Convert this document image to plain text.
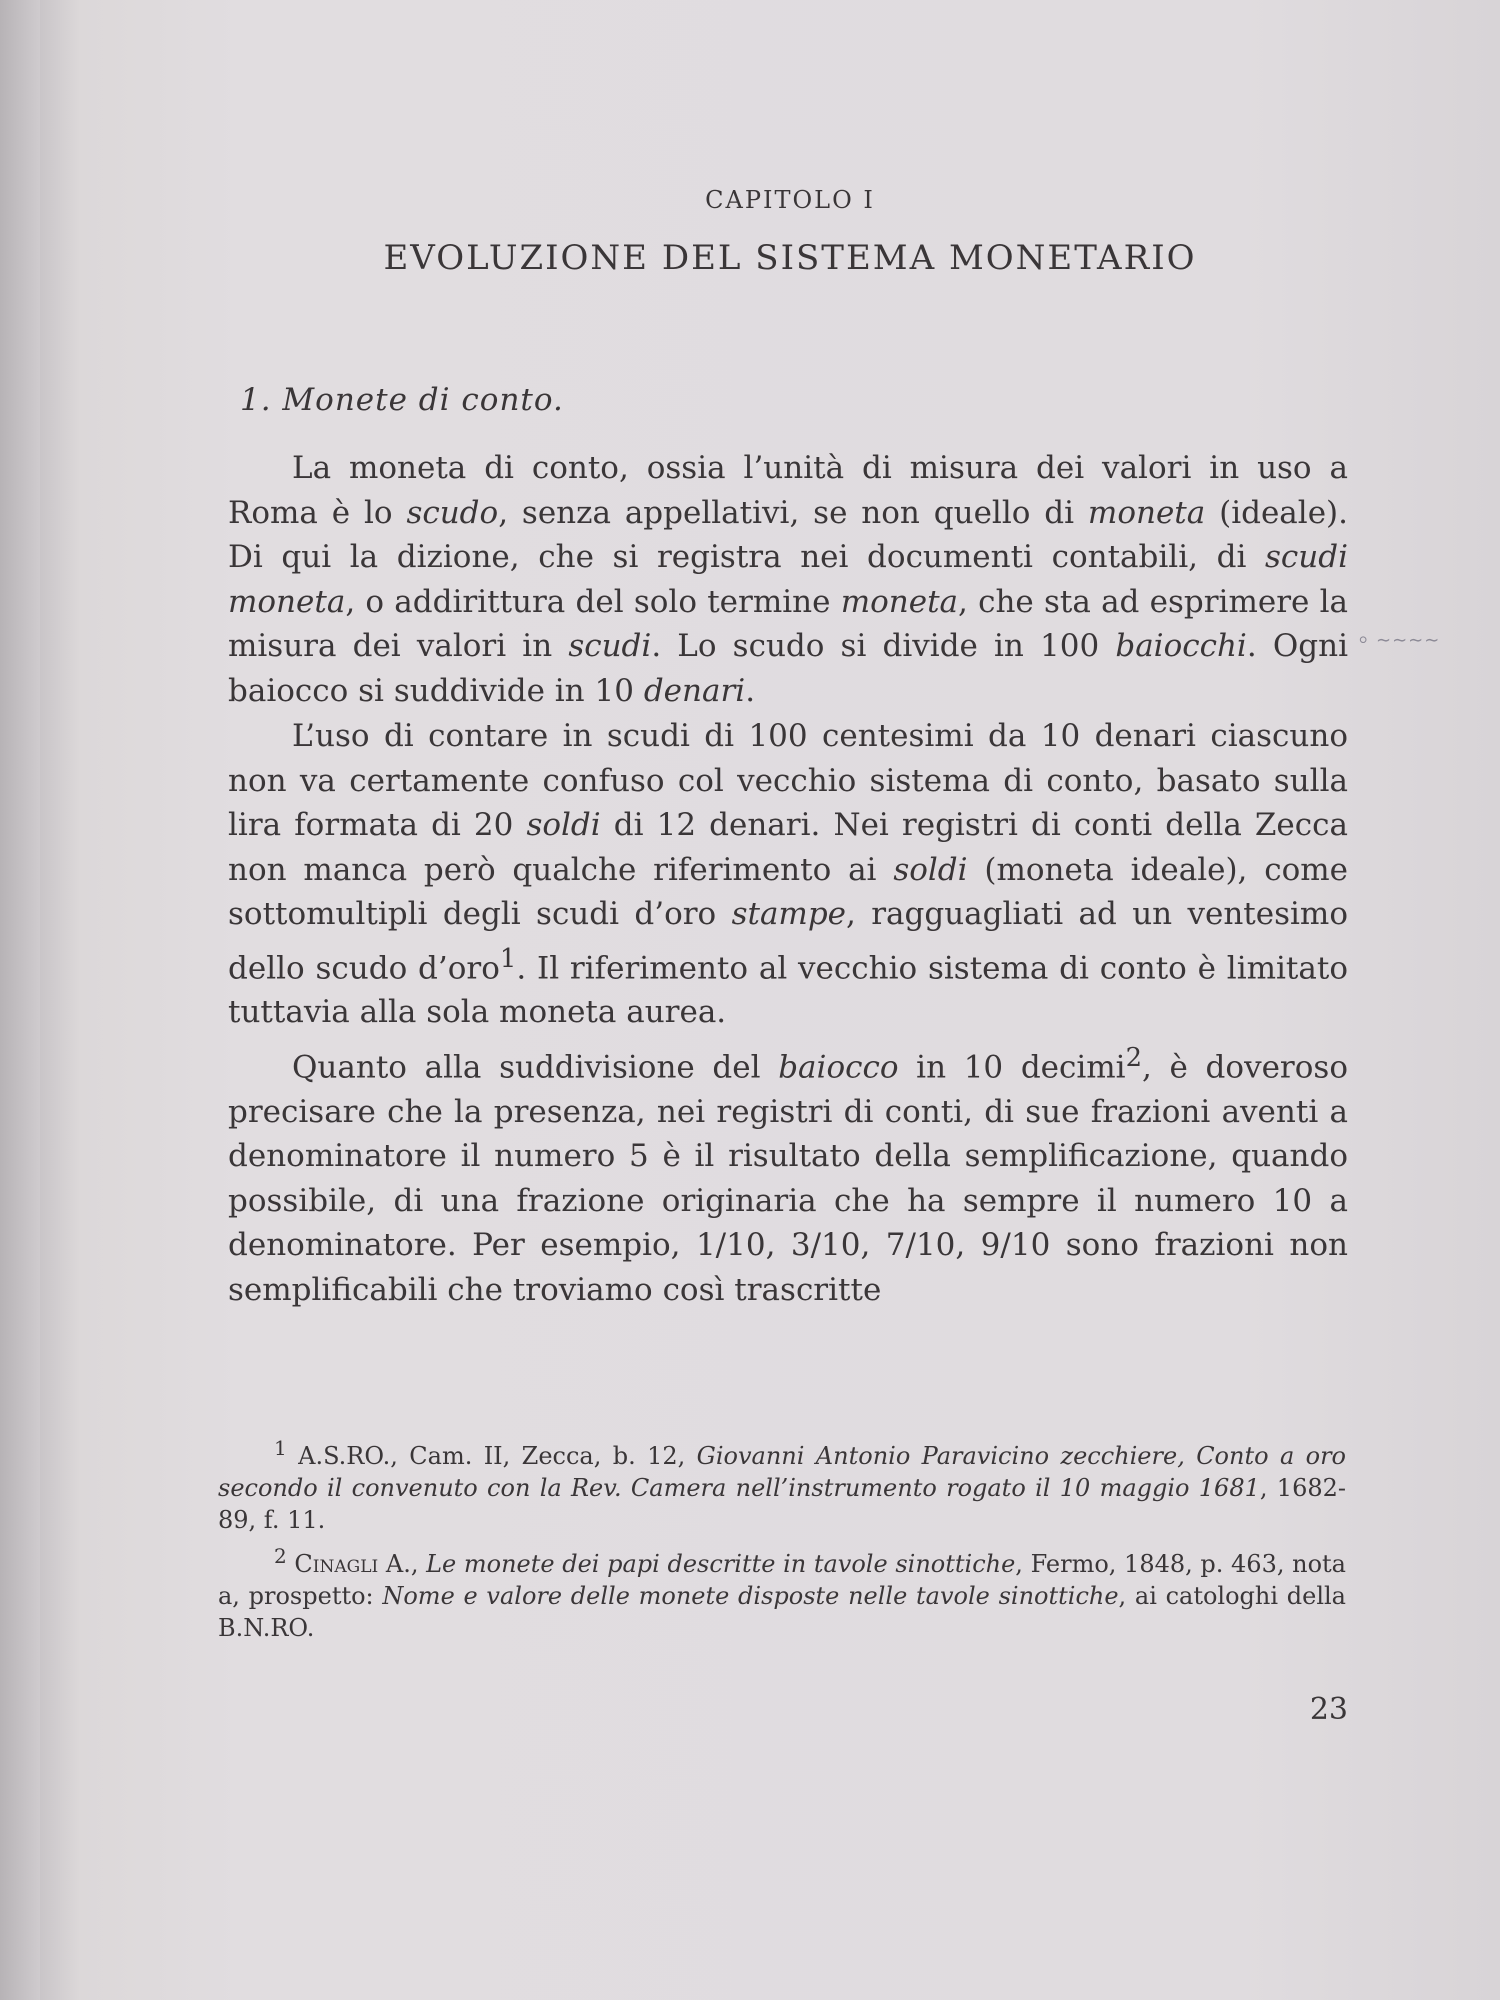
CAPITOLO I
EVOLUZIONE DEL SISTEMA MONETARIO
1. Monete di conto.

La moneta di conto, ossia l’unità di misura dei valori in uso a Roma è lo scudo, senza appellativi, se non quello di moneta (ideale). Di qui la dizione, che si registra nei documenti contabili, di scudi moneta, o addirittura del solo termine moneta, che sta ad esprimere la misura dei valori in scudi. Lo scudo si divide in 100 baiocchi. Ogni baiocco si suddivide in 10 denari.

L’uso di contare in scudi di 100 centesimi da 10 denari ciascuno non va certamente confuso col vecchio sistema di conto, basato sulla lira formata di 20 soldi di 12 denari. Nei registri di conti della Zecca non manca però qualche riferimento ai soldi (moneta ideale), come sottomultipli degli scudi d’oro stampe, ragguagliati ad un ventesimo dello scudo d’oro$^1$. Il riferimento al vecchio sistema di conto è limitato tuttavia alla sola moneta aurea.

Quanto alla suddivisione del baiocco in 10 decimi$^2$, è doveroso precisare che la presenza, nei registri di conti, di sue frazioni aventi a denominatore il numero 5 è il risultato della semplificazione, quando possibile, di una frazione originaria che ha sempre il numero 10 a denominatore. Per esempio, 1/10, 3/10, 7/10, 9/10 sono frazioni non semplificabili che troviamo così trascritte

$^1$ A.S.RO., Cam. II, Zecca, b. 12, Giovanni Antonio Paravicino zecchiere, Conto a oro secondo il convenuto con la Rev. Camera nell’instrumento rogato il 10 maggio 1681, 1682-89, f. 11.

$^2$ Cinagli A., Le monete dei papi descritte in tavole sinottiche, Fermo, 1848, p. 463, nota a, prospetto: Nome e valore delle monete disposte nelle tavole sinottiche, ai catologhi della B.N.RO.

23
⸰ ∼∼∼∼
